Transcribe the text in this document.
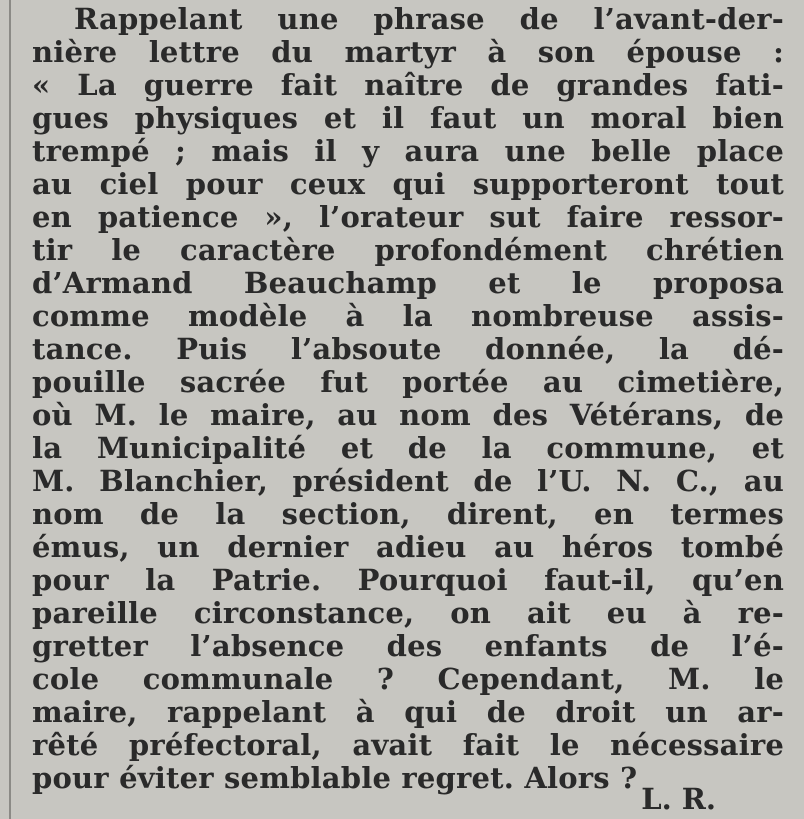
Rappelant une phrase de l’avant-der-
nière lettre du martyr à son épouse :
« La guerre fait naître de grandes fati-
gues physiques et il faut un moral bien
trempé ; mais il y aura une belle place
au ciel pour ceux qui supporteront tout
en patience », l’orateur sut faire ressor-
tir le caractère profondément chrétien
d’Armand Beauchamp et le proposa
comme modèle à la nombreuse assis-
tance. Puis l’absoute donnée, la dé-
pouille sacrée fut portée au cimetière,
où M. le maire, au nom des Vétérans, de
la Municipalité et de la commune, et
M. Blanchier, président de l’U. N. C., au
nom de la section, dirent, en termes
émus, un dernier adieu au héros tombé
pour la Patrie. Pourquoi faut-il, qu’en
pareille circonstance, on ait eu à re-
gretter l’absence des enfants de l’é-
cole communale ? Cependant, M. le
maire, rappelant à qui de droit un ar-
rêté préfectoral, avait fait le nécessaire
pour éviter semblable regret. Alors ?
L. R.
